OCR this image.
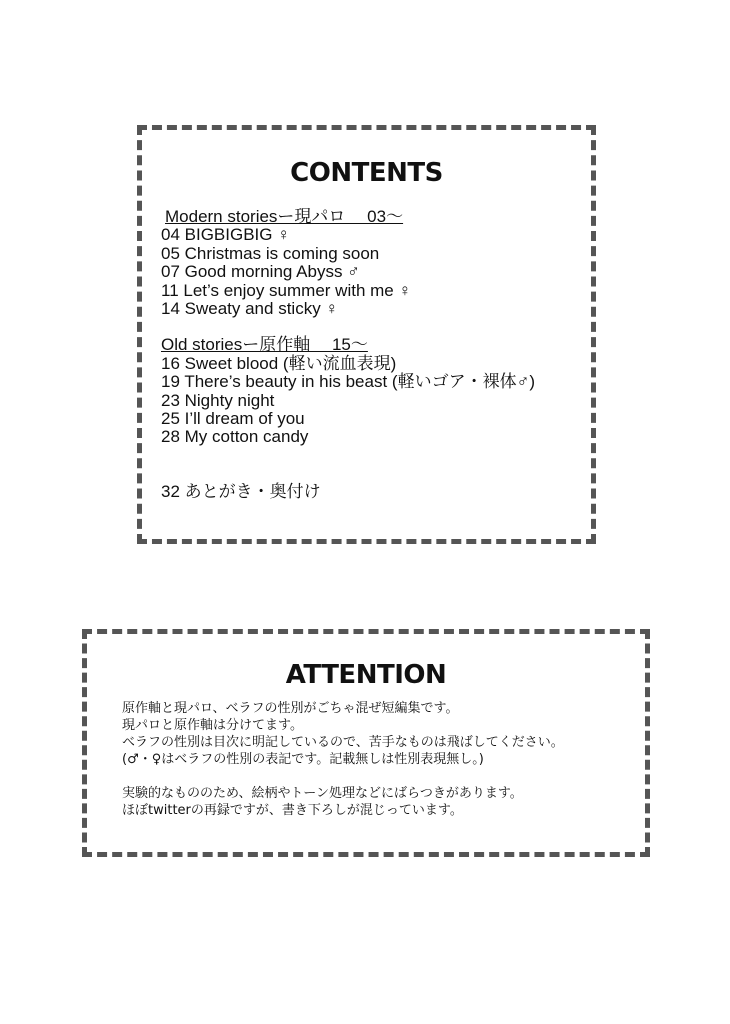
CONTENTS
Modern storiesー現パロ　 03〜
04 BIGBIGBIG ♀
05 Christmas is coming soon
07 Good morning Abyss ♂
11 Let’s enjoy summer with me ♀
14 Sweaty and sticky ♀
Old storiesー原作軸　 15〜
16 Sweet blood (軽い流血表現)
19 There’s beauty in his beast (軽いゴア・裸体♂)
23 Nighty night
25 I’ll dream of you
28 My cotton candy
32 あとがき・奥付け
ATTENTION
原作軸と現パロ、ベラフの性別がごちゃ混ぜ短編集です。
現パロと原作軸は分けてます。
ベラフの性別は目次に明記しているので、苦手なものは飛ばしてください。
(♂・♀はベラフの性別の表記です。記載無しは性別表現無し。)
実験的なもののため、絵柄やトーン処理などにばらつきがあります。
ほぼtwitterの再録ですが、書き下ろしが混じっています。
